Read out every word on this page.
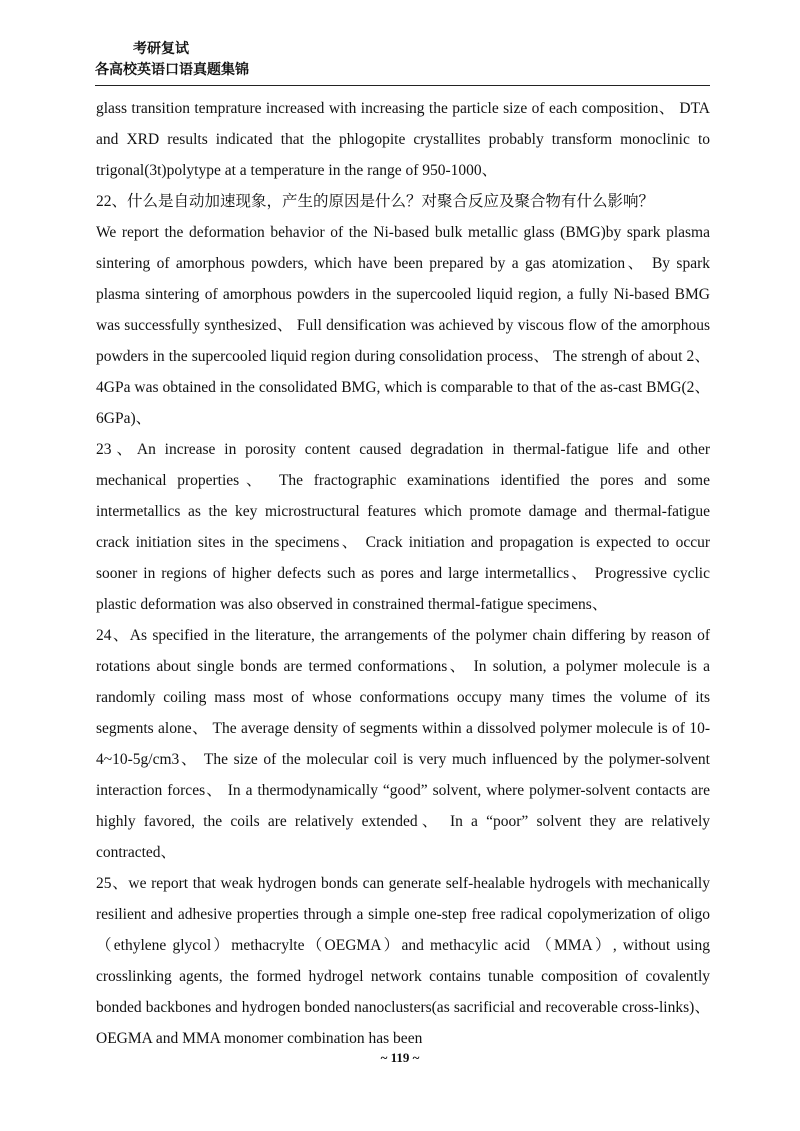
考研复试
各高校英语口语真题集锦

glass transition temprature increased with increasing the particle size of each composition、 DTA and XRD results indicated that the phlogopite crystallites probably transform monoclinic to trigonal(3t)polytype at a temperature in the range of 950-1000、

22、什么是自动加速现象，产生的原因是什么？对聚合反应及聚合物有什么影响？

We report the deformation behavior of the Ni-based bulk metallic glass (BMG)by spark plasma sintering of amorphous powders, which have been prepared by a gas atomization、 By spark plasma sintering of amorphous powders in the supercooled liquid region, a fully Ni-based BMG was successfully synthesized、 Full densification was achieved by viscous flow of the amorphous powders in the supercooled liquid region during consolidation process、 The strengh of about 2、4GPa was obtained in the consolidated BMG, which is comparable to that of the as-cast BMG(2、6GPa)、

23、An increase in porosity content caused degradation in thermal-fatigue life and other mechanical properties、 The fractographic examinations identified the pores and some intermetallics as the key microstructural features which promote damage and thermal-fatigue crack initiation sites in the specimens、 Crack initiation and propagation is expected to occur sooner in regions of higher defects such as pores and large intermetallics、 Progressive cyclic plastic deformation was also observed in constrained thermal-fatigue specimens、

24、As specified in the literature, the arrangements of the polymer chain differing by reason of rotations about single bonds are termed conformations、 In solution, a polymer molecule is a randomly coiling mass most of whose conformations occupy many times the volume of its segments alone、 The average density of segments within a dissolved polymer molecule is of 10-4~10-5g/cm3、 The size of the molecular coil is very much influenced by the polymer-solvent interaction forces、 In a thermodynamically “good” solvent, where polymer-solvent contacts are highly favored, the coils are relatively extended、 In a “poor” solvent they are relatively contracted、

25、we report that weak hydrogen bonds can generate self-healable hydrogels with mechanically resilient and adhesive properties through a simple one-step free radical copolymerization of oligo（ethylene glycol）methacrylte（OEGMA）and methacylic acid （MMA）, without using crosslinking agents, the formed hydrogel network contains tunable composition of covalently bonded backbones and hydrogen bonded nanoclusters(as sacrificial and recoverable cross-links)、 OEGMA and MMA monomer combination has been

~ 119 ~
